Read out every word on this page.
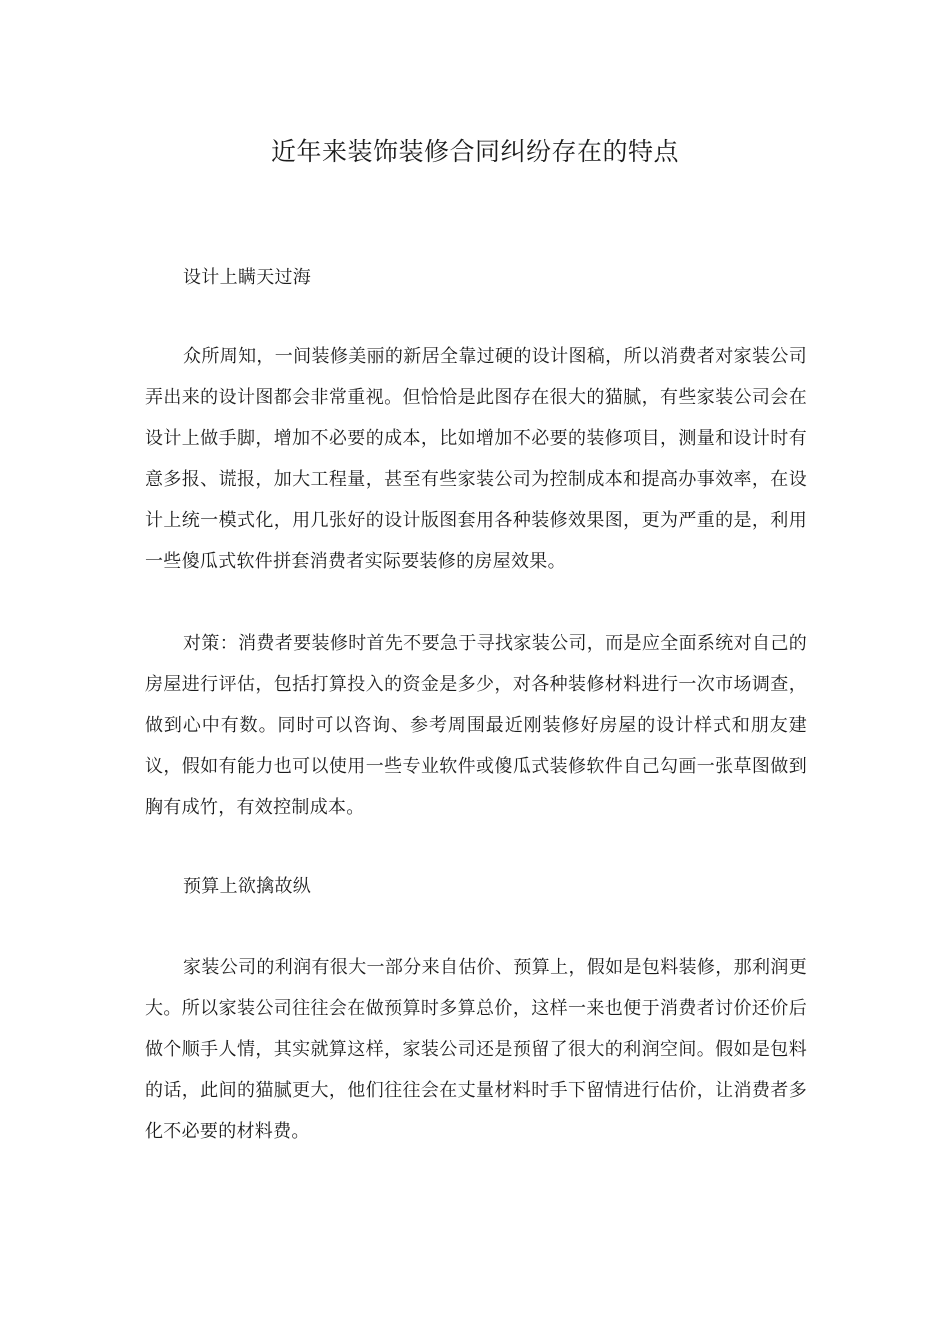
近年来装饰装修合同纠纷存在的特点
设计上瞒天过海
众所周知，一间装修美丽的新居全靠过硬的设计图稿，所以消费者对家装公司弄出来的设计图都会非常重视。但恰恰是此图存在很大的猫腻，有些家装公司会在设计上做手脚，增加不必要的成本，比如增加不必要的装修项目，测量和设计时有意多报、谎报，加大工程量，甚至有些家装公司为控制成本和提高办事效率，在设计上统一模式化，用几张好的设计版图套用各种装修效果图，更为严重的是，利用一些傻瓜式软件拼套消费者实际要装修的房屋效果。
对策：消费者要装修时首先不要急于寻找家装公司，而是应全面系统对自己的房屋进行评估，包括打算投入的资金是多少，对各种装修材料进行一次市场调查，做到心中有数。同时可以咨询、参考周围最近刚装修好房屋的设计样式和朋友建议，假如有能力也可以使用一些专业软件或傻瓜式装修软件自己勾画一张草图做到胸有成竹，有效控制成本。
预算上欲擒故纵
家装公司的利润有很大一部分来自估价、预算上，假如是包料装修，那利润更大。所以家装公司往往会在做预算时多算总价，这样一来也便于消费者讨价还价后做个顺手人情，其实就算这样，家装公司还是预留了很大的利润空间。假如是包料的话，此间的猫腻更大，他们往往会在丈量材料时手下留情进行估价，让消费者多化不必要的材料费。
